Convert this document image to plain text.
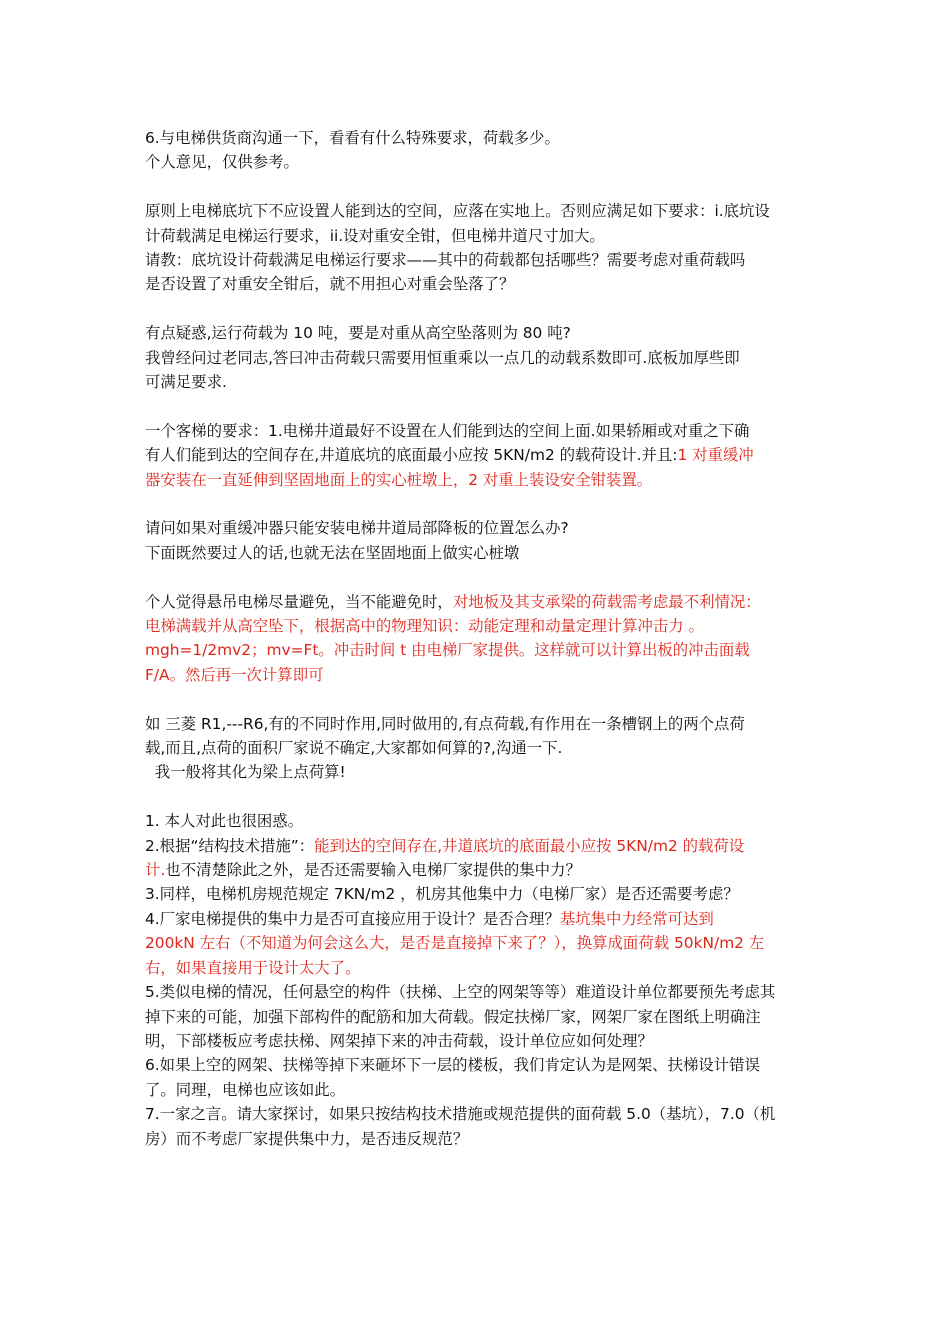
6.与电梯供货商沟通一下，看看有什么特殊要求，荷载多少。
个人意见，仅供参考。
原则上电梯底坑下不应设置人能到达的空间，应落在实地上。否则应满足如下要求：i.底坑设
计荷载满足电梯运行要求，ii.设对重安全钳，但电梯井道尺寸加大。
请教：底坑设计荷载满足电梯运行要求——其中的荷载都包括哪些？需要考虑对重荷载吗
是否设置了对重安全钳后，就不用担心对重会坠落了？
有点疑惑,运行荷载为 10 吨，要是对重从高空坠落则为 80 吨?
我曾经问过老同志,答曰冲击荷载只需要用恒重乘以一点几的动载系数即可.底板加厚些即
可满足要求.
一个客梯的要求：1.电梯井道最好不设置在人们能到达的空间上面.如果轿厢或对重之下确
有人们能到达的空间存在,井道底坑的底面最小应按 5KN/m2 的载荷设计.并且:1 对重缓冲
器安装在一直延伸到坚固地面上的实心桩墩上，2 对重上装设安全钳装置。
请问如果对重缓冲器只能安装电梯井道局部降板的位置怎么办?
下面既然要过人的话,也就无法在坚固地面上做实心桩墩
个人觉得悬吊电梯尽量避免，当不能避免时，对地板及其支承梁的荷载需考虑最不利情况：
电梯满载并从高空坠下，根据高中的物理知识：动能定理和动量定理计算冲击力 。
mgh=1/2mv2；mv=Ft。冲击时间 t 由电梯厂家提供。这样就可以计算出板的冲击面载
F/A。然后再一次计算即可
如 三菱 R1,---R6,有的不同时作用,同时做用的,有点荷载,有作用在一条槽钢上的两个点荷
载,而且,点荷的面积厂家说不确定,大家都如何算的?,沟通一下.
我一般将其化为梁上点荷算!
1. 本人对此也很困惑。
2.根据“结构技术措施”：能到达的空间存在,井道底坑的底面最小应按 5KN/m2 的载荷设
计.也不清楚除此之外，是否还需要输入电梯厂家提供的集中力？
3.同样，电梯机房规范规定 7KN/m2 ，机房其他集中力（电梯厂家）是否还需要考虑？
4.厂家电梯提供的集中力是否可直接应用于设计？是否合理？基坑集中力经常可达到
200kN 左右（不知道为何会这么大，是否是直接掉下来了？），换算成面荷载 50kN/m2 左
右，如果直接用于设计太大了。
5.类似电梯的情况，任何悬空的构件（扶梯、上空的网架等等）难道设计单位都要预先考虑其
掉下来的可能，加强下部构件的配筋和加大荷载。假定扶梯厂家，网架厂家在图纸上明确注
明，下部楼板应考虑扶梯、网架掉下来的冲击荷载，设计单位应如何处理？
6.如果上空的网架、扶梯等掉下来砸坏下一层的楼板，我们肯定认为是网架、扶梯设计错误
了。同理，电梯也应该如此。
7.一家之言。请大家探讨，如果只按结构技术措施或规范提供的面荷载 5.0（基坑），7.0（机
房）而不考虑厂家提供集中力，是否违反规范？
